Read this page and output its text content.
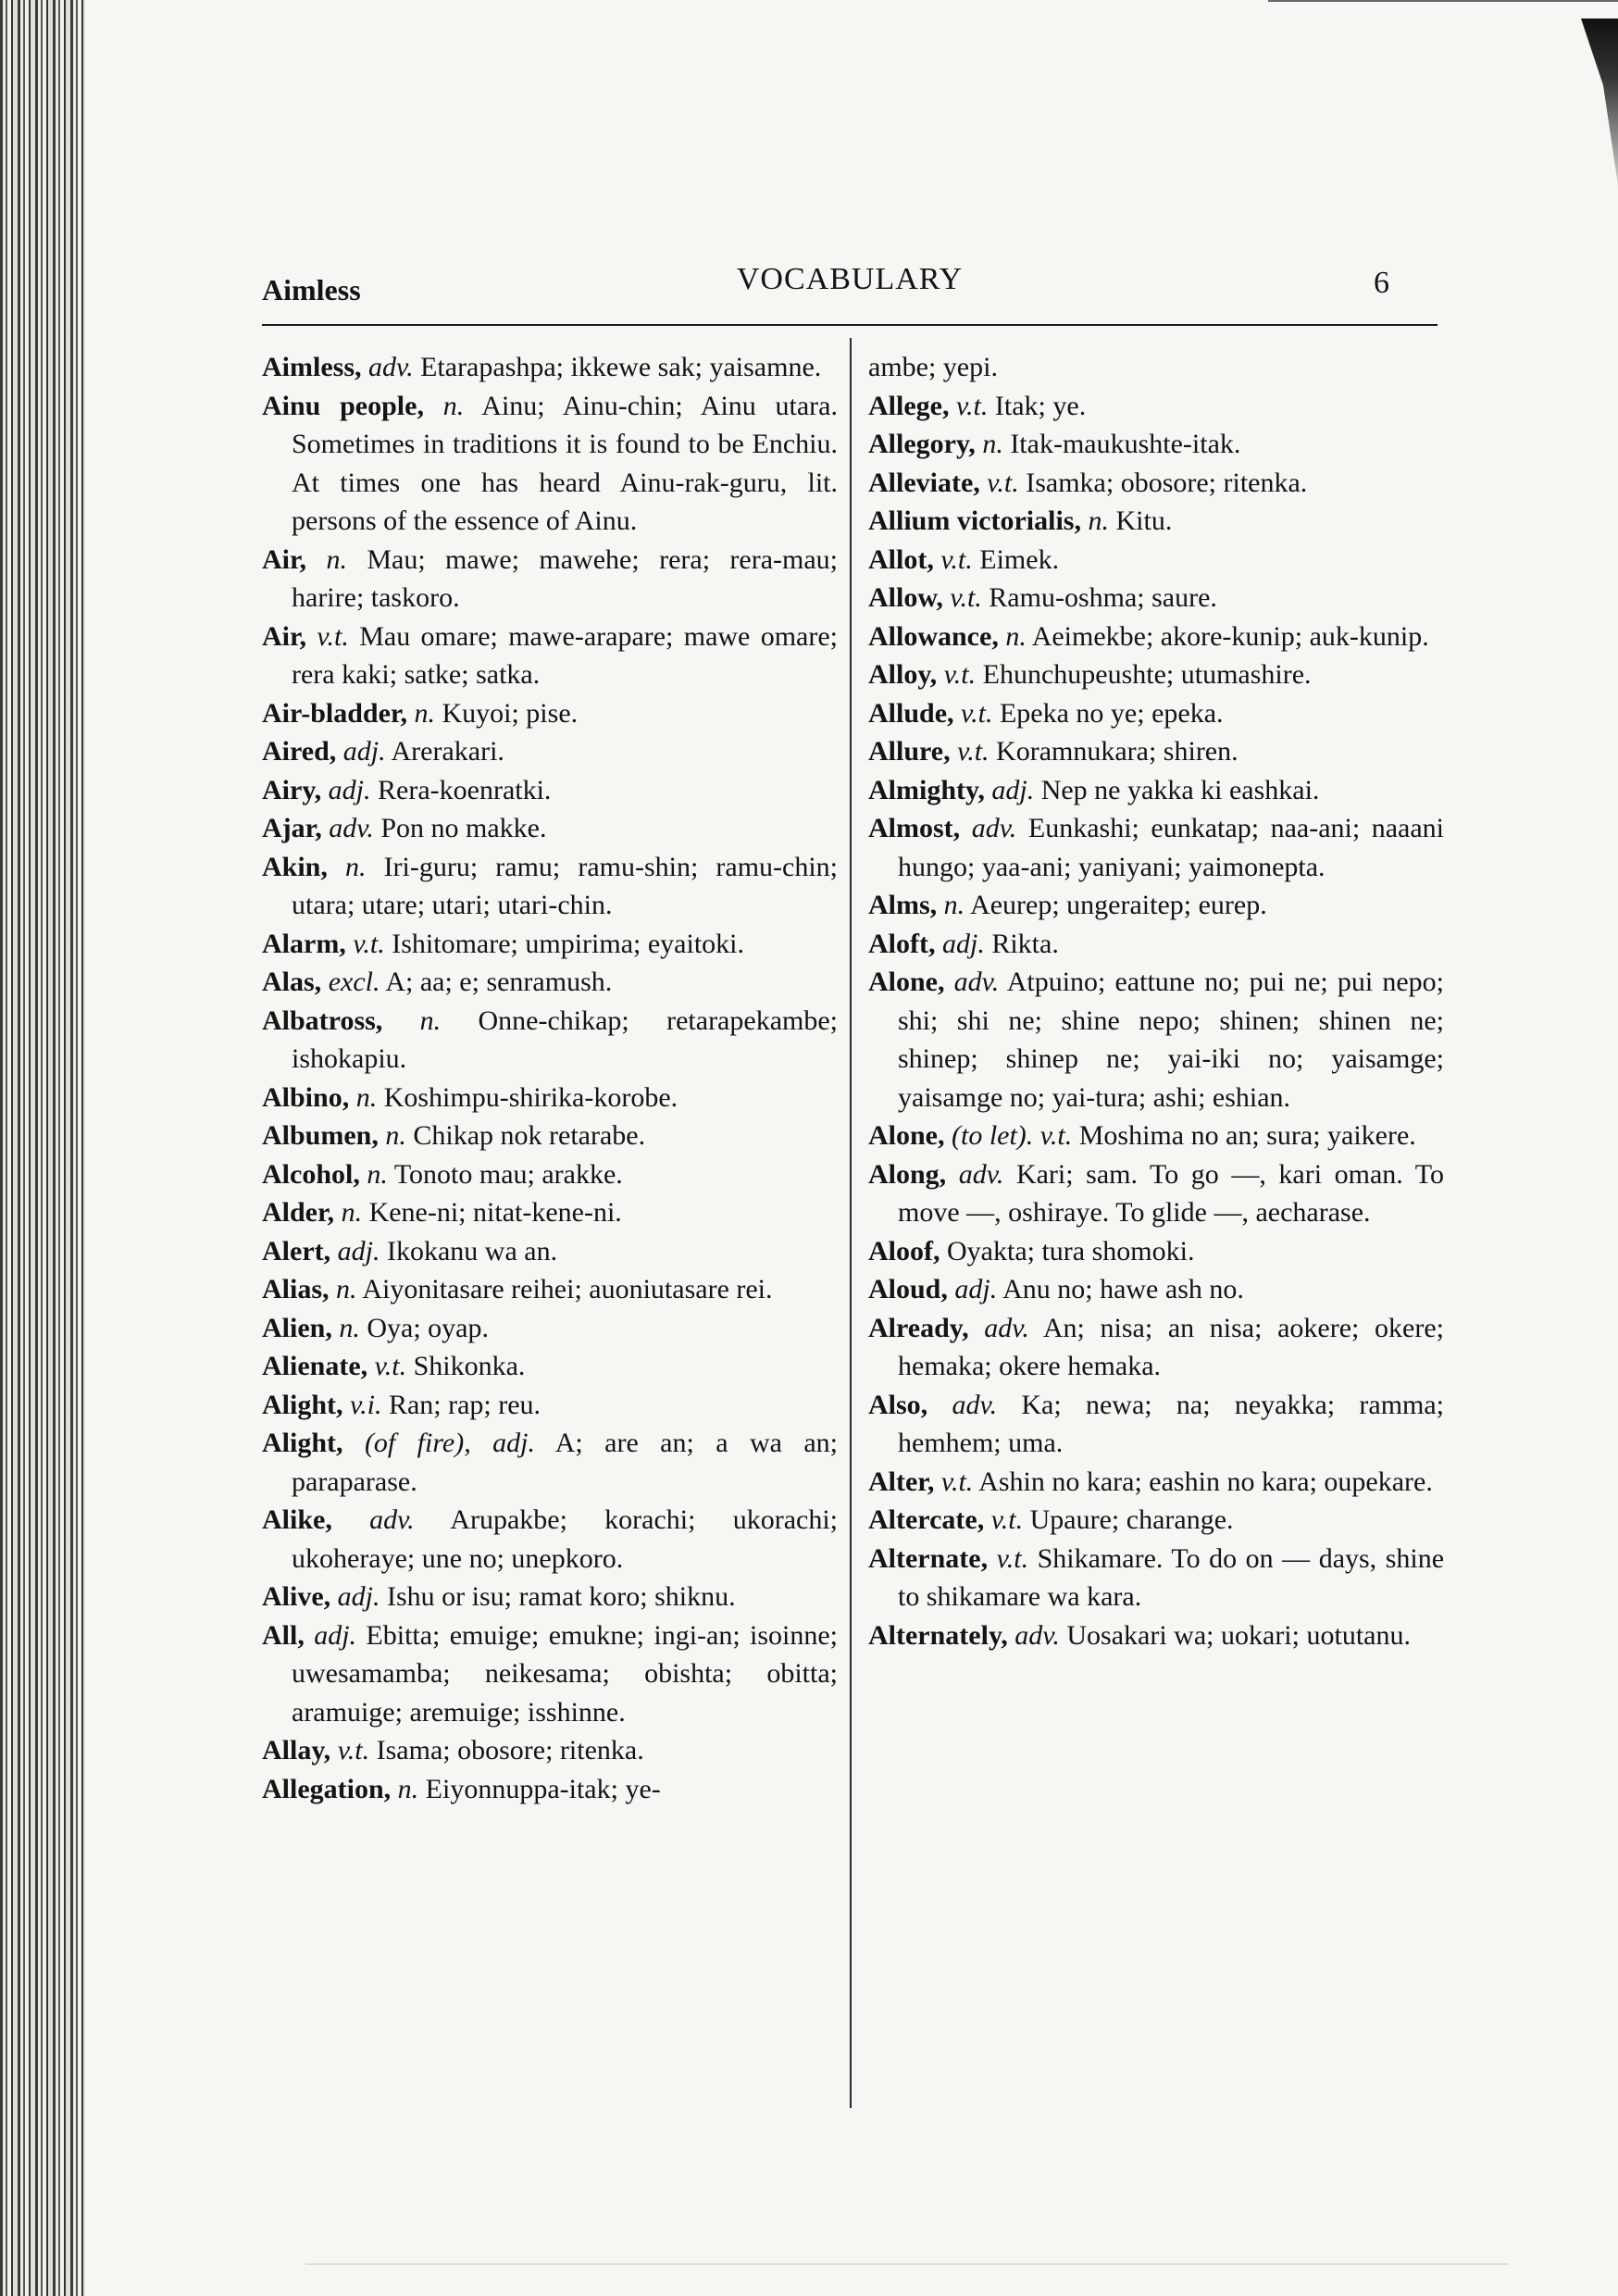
Aimless	VOCABULARY	6

Aimless, adv. Etarapashpa; ikkewe sak; yaisamne.

Ainu people, n. Ainu; Ainu-chin; Ainu utara. Sometimes in traditions it is found to be Enchiu. At times one has heard Ainu-rak-guru, lit. persons of the essence of Ainu.

Air, n. Mau; mawe; mawehe; rera; rera-mau; harire; taskoro.

Air, v.t. Mau omare; mawe-arapare; mawe omare; rera kaki; satke; satka.

Air-bladder, n. Kuyoi; pise.

Aired, adj. Arerakari.

Airy, adj. Rera-koenratki.

Ajar, adv. Pon no makke.

Akin, n. Iri-guru; ramu; ramu-shin; ramu-chin; utara; utare; utari; utari-chin.

Alarm, v.t. Ishitomare; umpirima; eyaitoki.

Alas, excl. A; aa; e; senramush.

Albatross, n. Onne-chikap; retarapekambe; ishokapiu.

Albino, n. Koshimpu-shirika-korobe.

Albumen, n. Chikap nok retarabe.

Alcohol, n. Tonoto mau; arakke.

Alder, n. Kene-ni; nitat-kene-ni.

Alert, adj. Ikokanu wa an.

Alias, n. Aiyonitasare reihei; auoniutasare rei.

Alien, n. Oya; oyap.

Alienate, v.t. Shikonka.

Alight, v.i. Ran; rap; reu.

Alight, (of fire), adj. A; are an; a wa an; paraparase.

Alike, adv. Arupakbe; korachi; ukorachi; ukoheraye; une no; unepkoro.

Alive, adj. Ishu or isu; ramat koro; shiknu.

All, adj. Ebitta; emuige; emukne; ingi-an; isoinne; uwesamamba; neikesama; obishta; obitta; aramuige; aremuige; isshinne.

Allay, v.t. Isama; obosore; ritenka.

Allegation, n. Eiyonnuppa-itak; ye-

ambe; yepi.

Allege, v.t. Itak; ye.

Allegory, n. Itak-maukushte-itak.

Alleviate, v.t. Isamka; obosore; ritenka.

Allium victorialis, n. Kitu.

Allot, v.t. Eimek.

Allow, v.t. Ramu-oshma; saure.

Allowance, n. Aeimekbe; akore-kunip; auk-kunip.

Alloy, v.t. Ehunchupeushte; utumashire.

Allude, v.t. Epeka no ye; epeka.

Allure, v.t. Koramnukara; shiren.

Almighty, adj. Nep ne yakka ki eashkai.

Almost, adv. Eunkashi; eunkatap; naa-ani; naaani hungo; yaa-ani; yaniyani; yaimonepta.

Alms, n. Aeurep; ungeraitep; eurep.

Aloft, adj. Rikta.

Alone, adv. Atpuino; eattune no; pui ne; pui nepo; shi; shi ne; shine nepo; shinen; shinen ne; shinep; shinep ne; yai-iki no; yaisamge; yaisamge no; yai-tura; ashi; eshian.

Alone, (to let). v.t. Moshima no an; sura; yaikere.

Along, adv. Kari; sam. To go —, kari oman. To move —, oshiraye. To glide —, aecharase.

Aloof, Oyakta; tura shomoki.

Aloud, adj. Anu no; hawe ash no.

Already, adv. An; nisa; an nisa; aokere; okere; hemaka; okere hemaka.

Also, adv. Ka; newa; na; neyakka; ramma; hemhem; uma.

Alter, v.t. Ashin no kara; eashin no kara; oupekare.

Altercate, v.t. Upaure; charange.

Alternate, v.t. Shikamare. To do on — days, shine to shikamare wa kara.

Alternately, adv. Uosakari wa; uokari; uotutanu.
